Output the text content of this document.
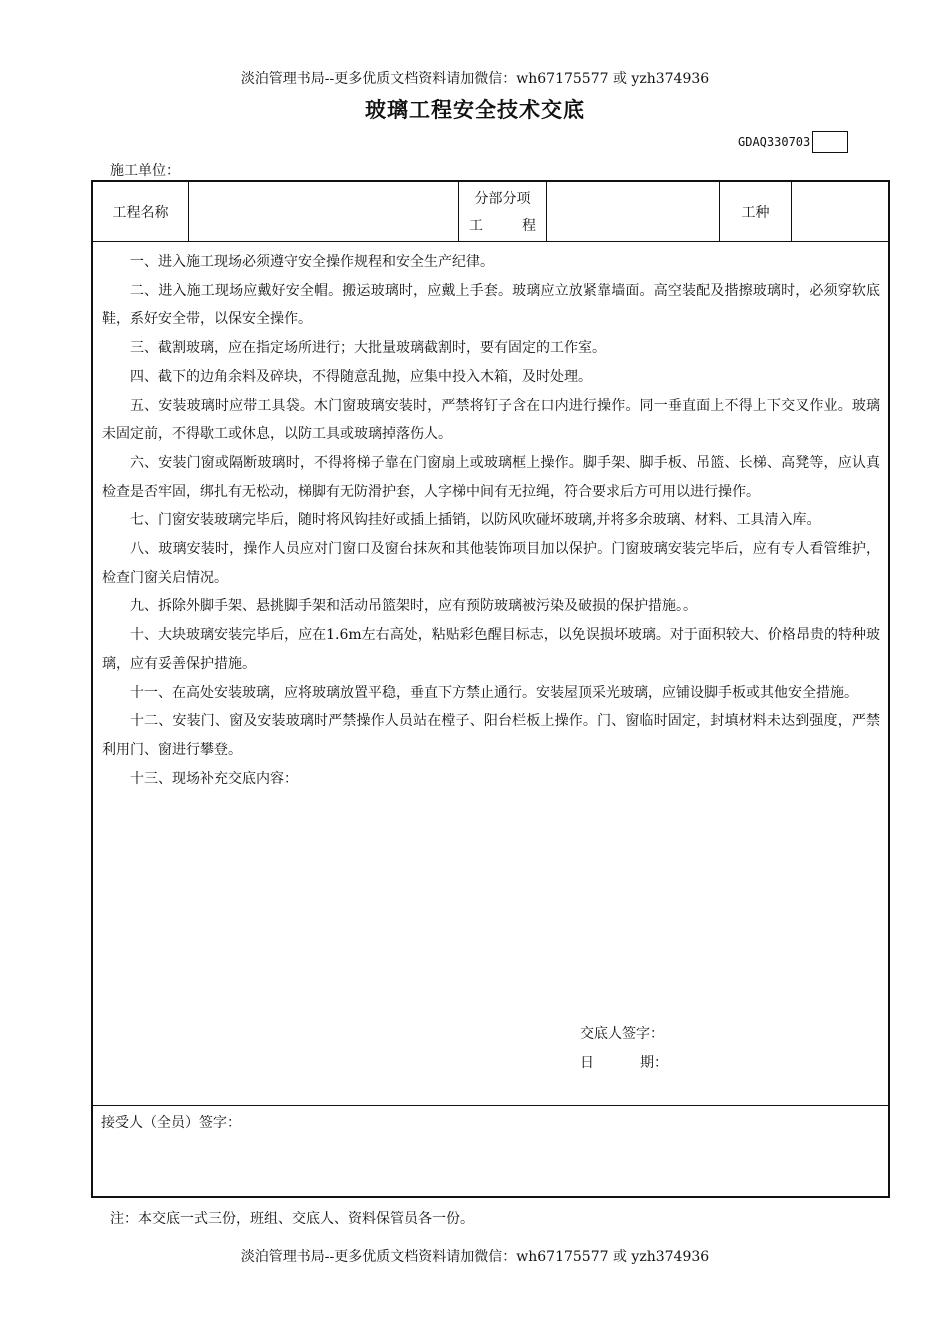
淡泊管理书局--更多优质文档资料请加微信：wh67175577 或 yzh374936
玻璃工程安全技术交底
GDAQ330703
施工单位：
工程名称
分部分项
工	程
工种

一、进入施工现场必须遵守安全操作规程和安全生产纪律。

二、进入施工现场应戴好安全帽。搬运玻璃时，应戴上手套。玻璃应立放紧靠墙面。高空装配及揩擦玻璃时，必须穿软底鞋，系好安全带，以保安全操作。

三、截割玻璃，应在指定场所进行；大批量玻璃截割时，要有固定的工作室。

四、截下的边角余料及碎块，不得随意乱抛，应集中投入木箱，及时处理。

五、安装玻璃时应带工具袋。木门窗玻璃安装时，严禁将钉子含在口内进行操作。同一垂直面上不得上下交叉作业。玻璃未固定前，不得歇工或休息，以防工具或玻璃掉落伤人。

六、安装门窗或隔断玻璃时，不得将梯子靠在门窗扇上或玻璃框上操作。脚手架、脚手板、吊篮、长梯、高凳等，应认真检查是否牢固，绑扎有无松动，梯脚有无防滑护套，人字梯中间有无拉绳，符合要求后方可用以进行操作。

七、门窗安装玻璃完毕后，随时将风钩挂好或插上插销，以防风吹碰坏玻璃,并将多余玻璃、材料、工具清入库。

八、玻璃安装时，操作人员应对门窗口及窗台抹灰和其他装饰项目加以保护。门窗玻璃安装完毕后，应有专人看管维护，检查门窗关启情况。

九、拆除外脚手架、悬挑脚手架和活动吊篮架时，应有预防玻璃被污染及破损的保护措施。。

十、大块玻璃安装完毕后，应在1.6m左右高处，粘贴彩色醒目标志，以免误损坏玻璃。对于面积较大、价格昂贵的特种玻璃，应有妥善保护措施。

十一、在高处安装玻璃，应将玻璃放置平稳，垂直下方禁止通行。安装屋顶采光玻璃，应铺设脚手板或其他安全措施。

十二、安装门、窗及安装玻璃时严禁操作人员站在樘子、阳台栏板上操作。门、窗临时固定，封填材料未达到强度，严禁利用门、窗进行攀登。

十三、现场补充交底内容：

交底人签字：
日	期：
接受人（全员）签字：
注：本交底一式三份，班组、交底人、资料保管员各一份。
淡泊管理书局--更多优质文档资料请加微信：wh67175577 或 yzh374936
